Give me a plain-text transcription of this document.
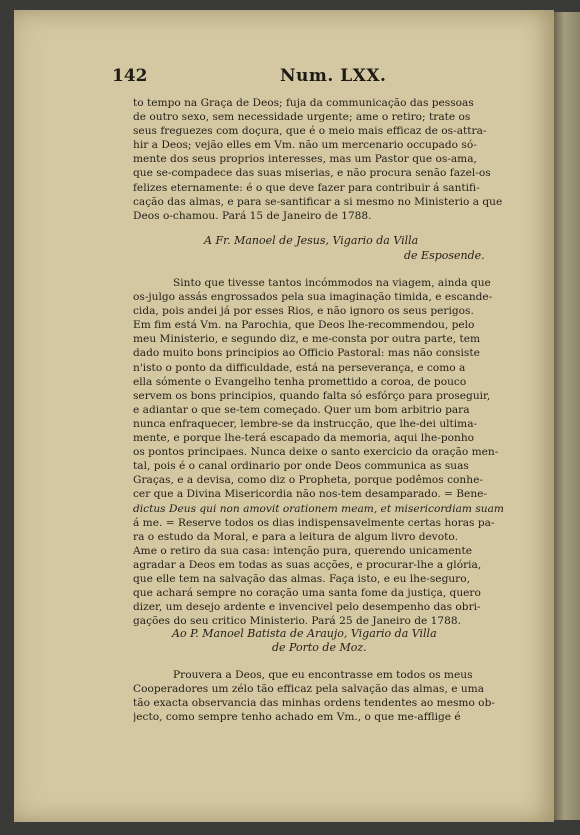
142	Num. LXX.
to tempo na Graça de Deos; fuja da communicação das pessoas
de outro sexo, sem necessidade urgente; ame o retiro; trate os
seus freguezes com doçura, que é o meio mais efficaz de os-attra-
hir a Deos; vejão elles em Vm. não um mercenario occupado só-
mente dos seus proprios interesses, mas um Pastor que os-ama,
que se-compadece das suas miserias, e não procura senão fazel-os
felizes eternamente: é o que deve fazer para contribuir á santifi-
cação das almas, e para se-santificar a si mesmo no Ministerio a que
Deos o-chamou. Pará 15 de Janeiro de 1788.
A Fr. Manoel de Jesus, Vigario da Villa
de Esposende.
Sinto que tivesse tantos incómmodos na viagem, ainda que
os-julgo assás engrossados pela sua imaginação timida, e escande-
cida, pois andei já por esses Rios, e não ignoro os seus perigos.
Em fim está Vm. na Parochia, que Deos lhe-recommendou, pelo
meu Ministerio, e segundo diz, e me-consta por outra parte, tem
dado muito bons principios ao Officio Pastoral: mas não consiste
n'isto o ponto da difficuldade, está na perseverança, e como a
ella sómente o Evangelho tenha promettido a coroa, de pouco
servem os bons principios, quando falta só esfórço para proseguir,
e adiantar o que se-tem começado. Quer um bom arbitrio para
nunca enfraquecer, lembre-se da instrucção, que lhe-dei ultima-
mente, e porque lhe-terá escapado da memoria, aqui lhe-ponho
os pontos principaes. Nunca deixe o santo exercicio da oração men-
tal, pois é o canal ordinario por onde Deos communica as suas
Graças, e a devisa, como diz o Propheta, porque podêmos conhe-
cer que a Divina Misericordia não nos-tem desamparado. = Bene-
dictus Deus qui non amovit orationem meam, et misericordiam suam
á me. = Reserve todos os dias indispensavelmente certas horas pa-
ra o estudo da Moral, e para a leitura de algum livro devoto.
Ame o retiro da sua casa: intenção pura, querendo unicamente
agradar a Deos em todas as suas acções, e procurar-lhe a glória,
que elle tem na salvação das almas. Faça isto, e eu lhe-seguro,
que achará sempre no coração uma santa fome da justiça, quero
dizer, um desejo ardente e invencivel pelo desempenho das obri-
gações do seu critico Ministerio. Pará 25 de Janeiro de 1788.
Ao P. Manoel Batista de Araujo, Vigario da Villa
de Porto de Moz.
Prouvera a Deos, que eu encontrasse em todos os meus
Cooperadores um zélo tão efficaz pela salvação das almas, e uma
tão exacta observancia das minhas ordens tendentes ao mesmo ob-
jecto, como sempre tenho achado em Vm., o que me-afflige é
